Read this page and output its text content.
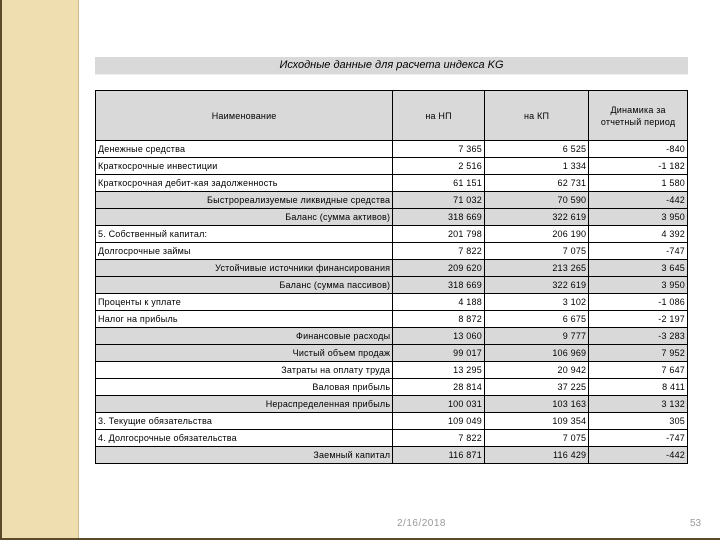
Исходные данные для расчета индекса KG
Наименование	на НП	на КП	Динамика за отчетный период
Денежные средства	7 365	6 525	-840
Краткосрочные инвестиции	2 516	1 334	-1 182
Краткосрочная дебит-кая задолженность	61 151	62 731	1 580
Быстрореализуемые ликвидные средства	71 032	70 590	-442
Баланс (сумма активов)	318 669	322 619	3 950
5. Собственный капитал:	201 798	206 190	4 392
Долгосрочные займы	7 822	7 075	-747
Устойчивые источники финансирования	209 620	213 265	3 645
Баланс (сумма пассивов)	318 669	322 619	3 950
Проценты к уплате	4 188	3 102	-1 086
Налог на прибыль	8 872	6 675	-2 197
Финансовые расходы	13 060	9 777	-3 283
Чистый объем продаж	99 017	106 969	7 952
Затраты на оплату труда	13 295	20 942	7 647
Валовая прибыль	28 814	37 225	8 411
Нераспределенная прибыль	100 031	103 163	3 132
3. Текущие обязательства	109 049	109 354	305
4. Долгосрочные обязательства	7 822	7 075	-747
Заемный капитал	116 871	116 429	-442
2/16/2018	53
